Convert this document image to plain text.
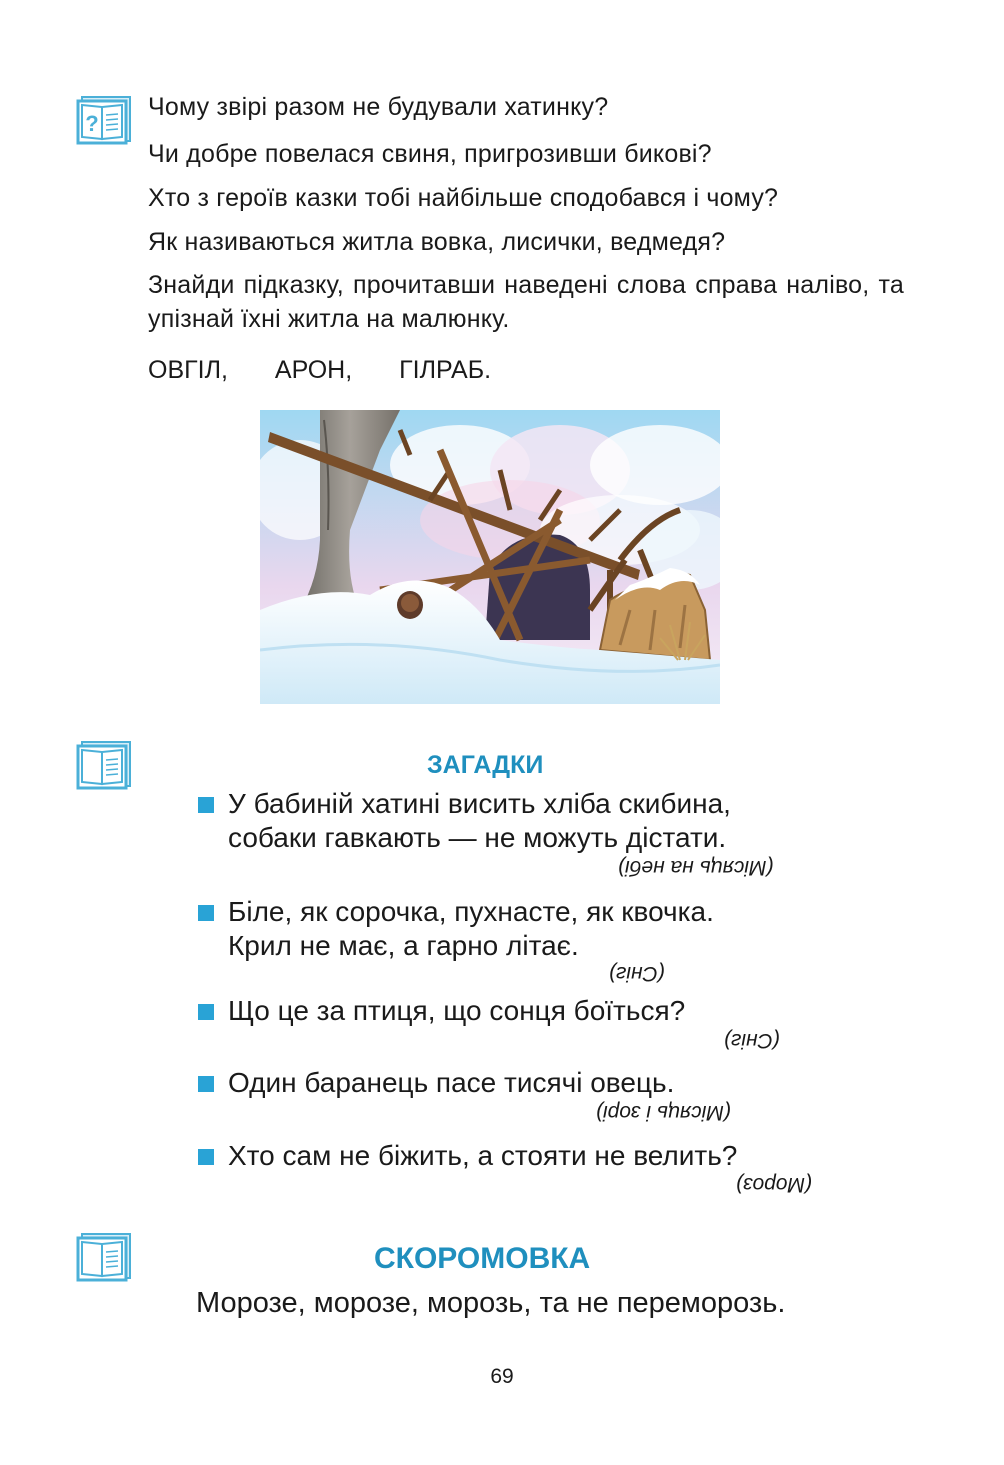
?
Чому звірі разом не будували хатинку?
Чи добре повелася свиня, пригрозивши бикові?
Хто з героїв казки тобі найбільше сподобався і чому?
Як називаються житла вовка, лисички, ведмедя?
Знайди підказку, прочитавши наведені слова справа наліво, та упізнай їхні житла на малюнку.
ОВГІЛ, АРОН, ГІЛРАБ.
ЗАГАДКИ
У бабиній хатині висить хліба скибина,
собаки гавкають — не можуть дістати.
(Місяць на небі)
Біле, як сорочка, пухнасте, як квочка.
Крил не має, а гарно літає.
(Сніг)
Що це за птиця, що сонця боїться?
(Сніг)
Один баранець пасе тисячі овець.
(Місяць і зорі)
Хто сам не біжить, а стояти не велить?
(Мороз)
СКОРОМОВКА
Морозе, морозе, морозь, та не переморозь.
69
